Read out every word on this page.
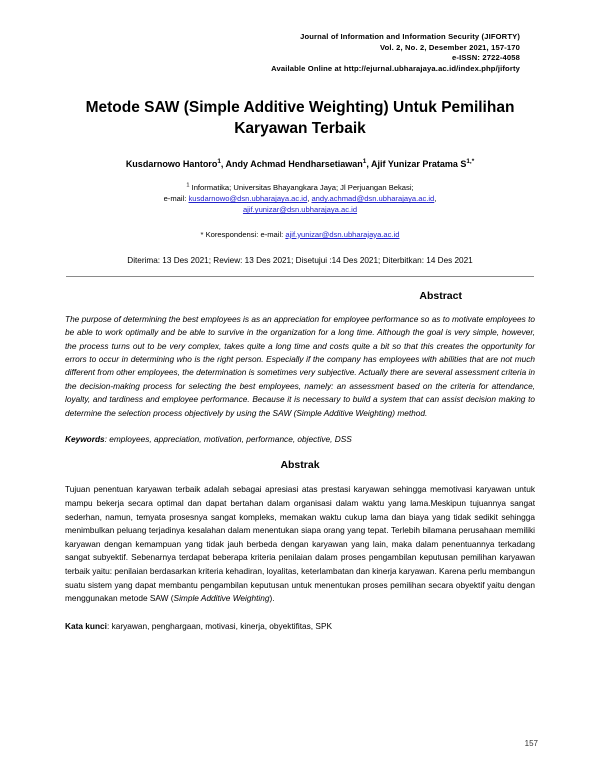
Journal of Information and Information Security (JIFORTY)
Vol. 2, No. 2, Desember 2021, 157-170
e-ISSN: 2722-4058
Available Online at http://ejurnal.ubharajaya.ac.id/index.php/jiforty
Metode SAW (Simple Additive Weighting) Untuk Pemilihan Karyawan Terbaik
Kusdarnowo Hantoro$^1$, Andy Achmad Hendharsetiawan$^1$, Ajif Yunizar Pratama $S^{1,*}$
$^1$ Informatika; Universitas Bhayangkara Jaya; Jl Perjuangan Bekasi;
e-mail: kusdarnowo@dsn.ubharajaya.ac.id, andy.achmad@dsn.ubharajaya.ac.id,
ajif.yunizar@dsn.ubharajaya.ac.id
* Korespondensi: e-mail: ajif.yunizar@dsn.ubharajaya.ac.id
Diterima: 13 Des 2021; Review: 13 Des 2021; Disetujui :14 Des 2021; Diterbitkan: 14 Des 2021
Abstract

The purpose of determining the best employees is as an appreciation for employee performance so as to motivate employees to be able to work optimally and be able to survive in the organization for a long time. Although the goal is very simple, however, the process turns out to be very complex, takes quite a long time and costs quite a bit so that this creates the opportunity for errors to occur in determining who is the right person. Especially if the company has employees with abilities that are not much different from other employees, the determination is sometimes very subjective. Actually there are several assessment criteria in the decision-making process for selecting the best employees, namely: an assessment based on the criteria for attendance, loyalty, and tardiness and employee performance. Because it is necessary to build a system that can assist decision making to determine the selection process objectively by using the SAW (Simple Additive Weighting) method.

Keywords: employees, appreciation, motivation, performance, objective, DSS

Abstrak

Tujuan penentuan karyawan terbaik adalah sebagai apresiasi atas prestasi karyawan sehingga memotivasi karyawan untuk mampu bekerja secara optimal dan dapat bertahan dalam organisasi dalam waktu yang lama.Meskipun tujuannya sangat sederhan, namun, temyata prosesnya sangat kompleks, memakan waktu cukup lama dan biaya yang tidak sedikit sehingga menimbulkan peluang terjadinya kesalahan dalam menentukan siapa orang yang tepat. Terlebih bilamana perusahaan memiliki karyawan dengan kemampuan yang tidak jauh berbeda dengan karyawan yang lain, maka dalam penentuannya terkadang sangat subyektif. Sebenarnya terdapat beberapa kriteria penilaian dalam proses pengambilan keputusan pemilihan karyawan terbaik yaitu: penilaian berdasarkan kriteria kehadiran, loyalitas, keterlambatan dan kinerja karyawan. Karena perlu membangun suatu sistem yang dapat membantu pengambilan keputusan untuk menentukan proses pemilihan secara obyektif yaitu dengan menggunakan metode SAW (Simple Additive Weighting).

Kata kunci: karyawan, penghargaan, motivasi, kinerja, obyektifitas, SPK

157
